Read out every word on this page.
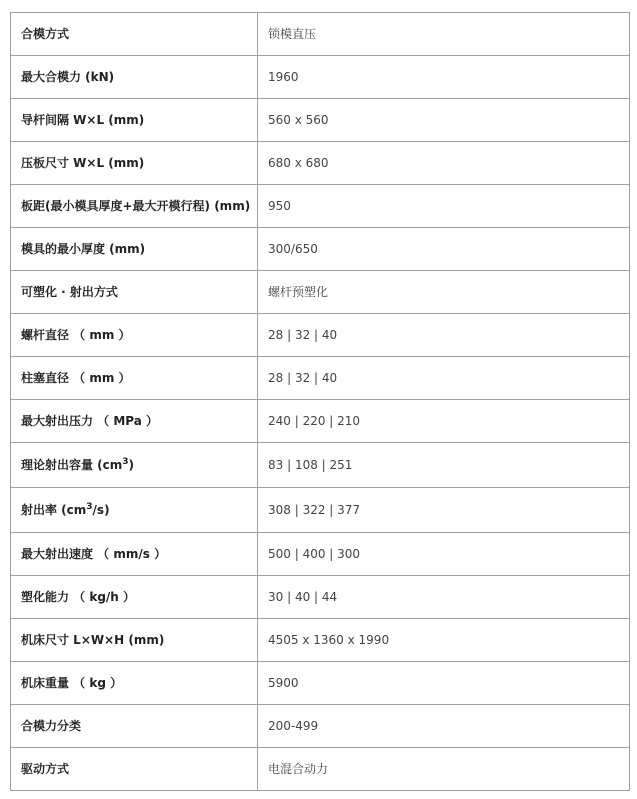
合模方式	锁模直压
最大合模力 (kN)	1960
导杆间隔 W×L (mm)	560 x 560
压板尺寸 W×L (mm)	680 x 680
板距(最小模具厚度+最大开模行程) (mm)	950
模具的最小厚度 (mm)	300/650
可塑化 · 射出方式	螺杆预塑化
螺杆直径 （ mm ）	28 | 32 | 40
柱塞直径 （ mm ）	28 | 32 | 40
最大射出压力 （ MPa ）	240 | 220 | 210
理论射出容量 $(cm^3)$	83 | 108 | 251
射出率 $(cm^3/s)$	308 | 322 | 377
最大射出速度 （ mm/s ）	500 | 400 | 300
塑化能力 （ kg/h ）	30 | 40 | 44
机床尺寸 L×W×H (mm)	4505 x 1360 x 1990
机床重量 （ kg ）	5900
合模力分类	200-499
驱动方式	电混合动力
